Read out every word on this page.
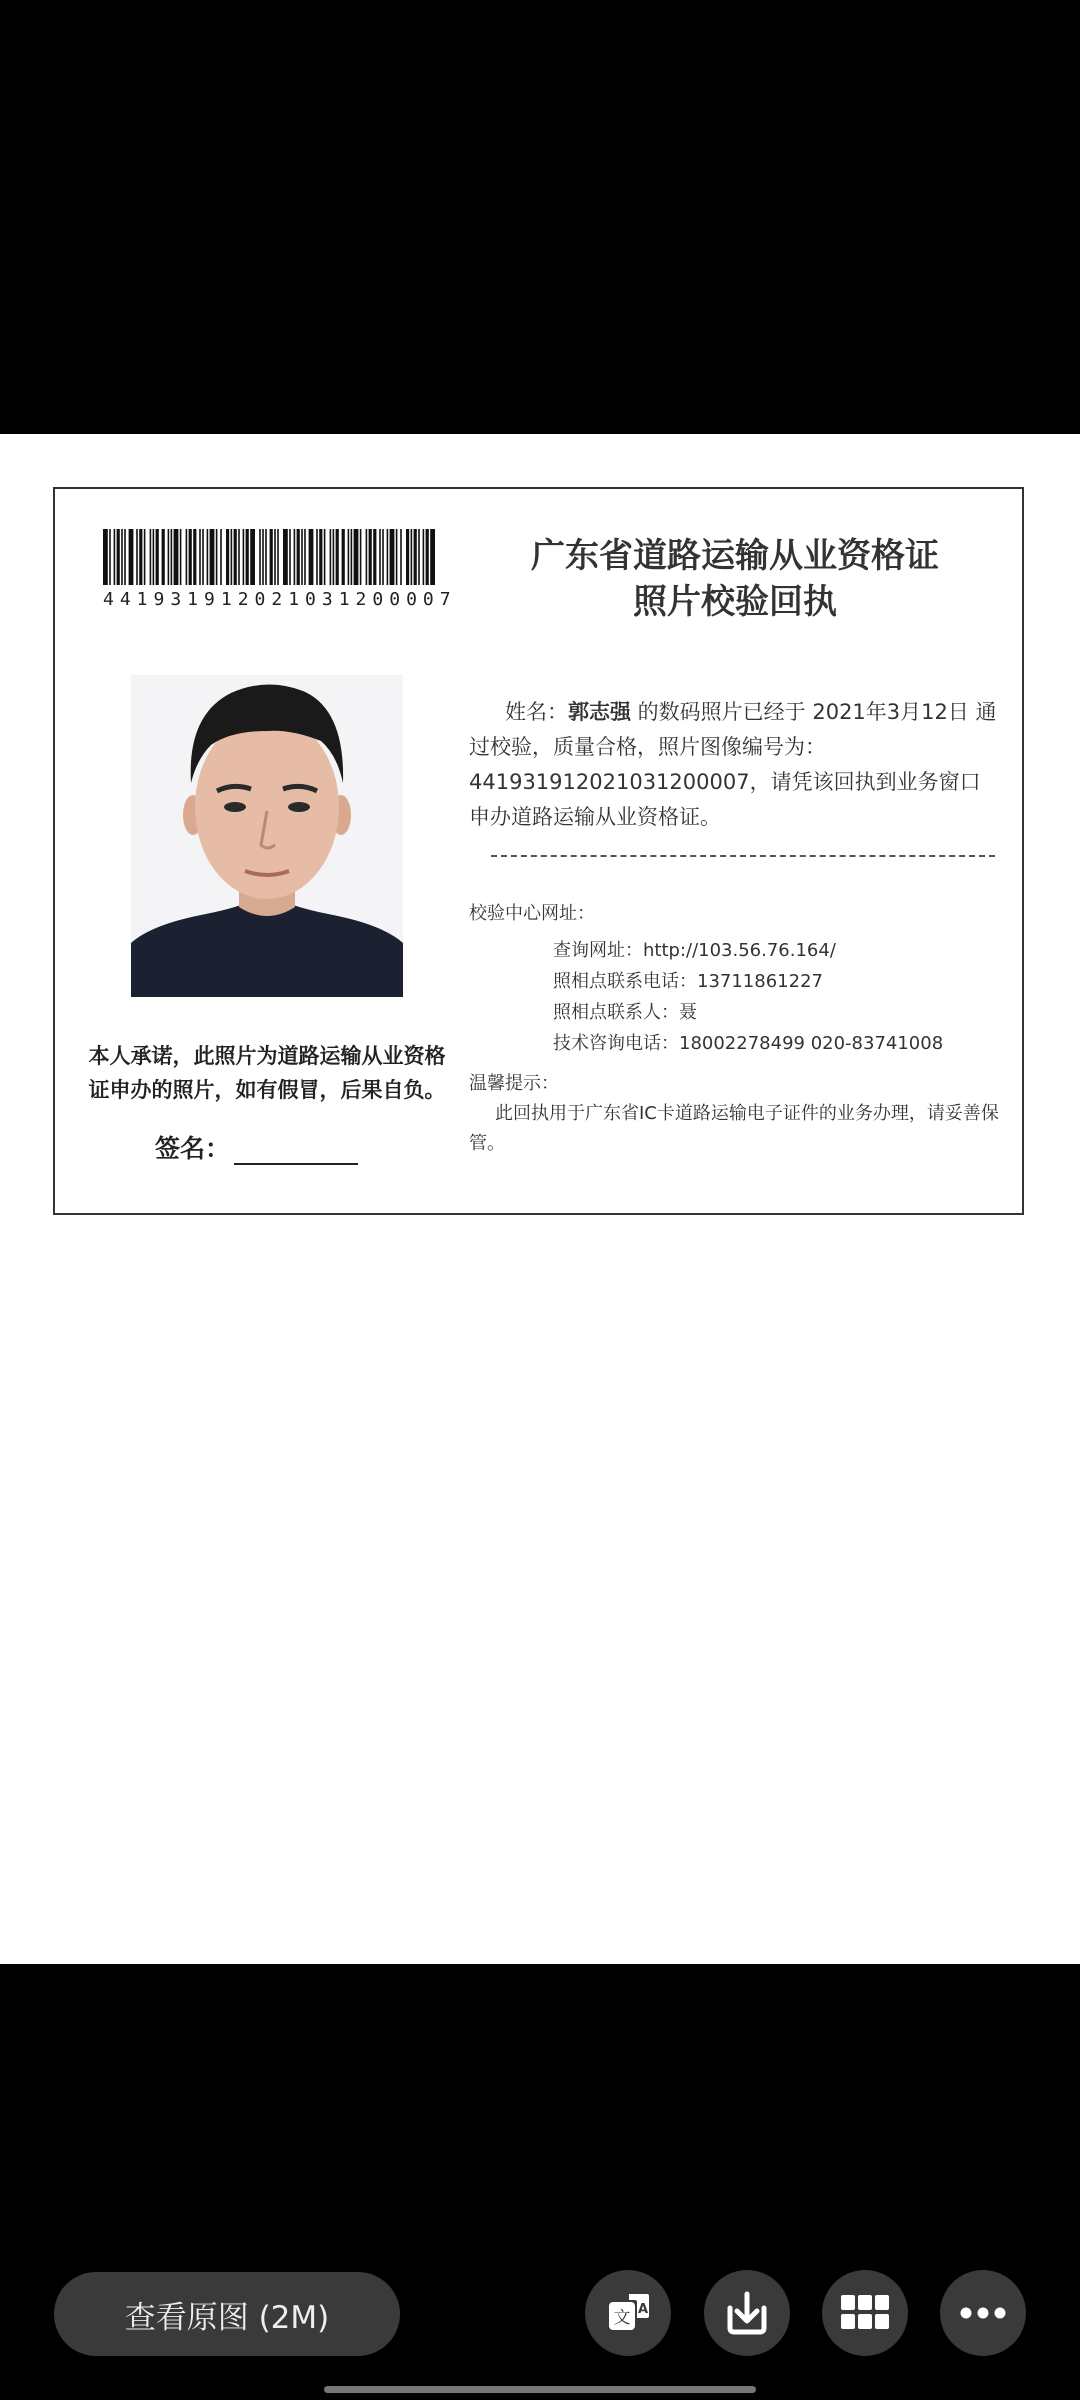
441931912021031200007
广东省道路运输从业资格证
照片校验回执
本人承诺，此照片为道路运输从业资格
证申办的照片，如有假冒，后果自负。
签名：
姓名：郭志强 的数码照片已经于 2021年3月12日 通过校验，质量合格，照片图像编号为：441931912021031200007，请凭该回执到业务窗口申办道路运输从业资格证。
校验中心网址：
查询网址：http://103.56.76.164/
照相点联系电话：13711861227
照相点联系人：聂
技术咨询电话：18002278499 020-83741008
温馨提示：
此回执用于广东省IC卡道路运输电子证件的业务办理，请妥善保管。
查看原图 (2M)	文 A
